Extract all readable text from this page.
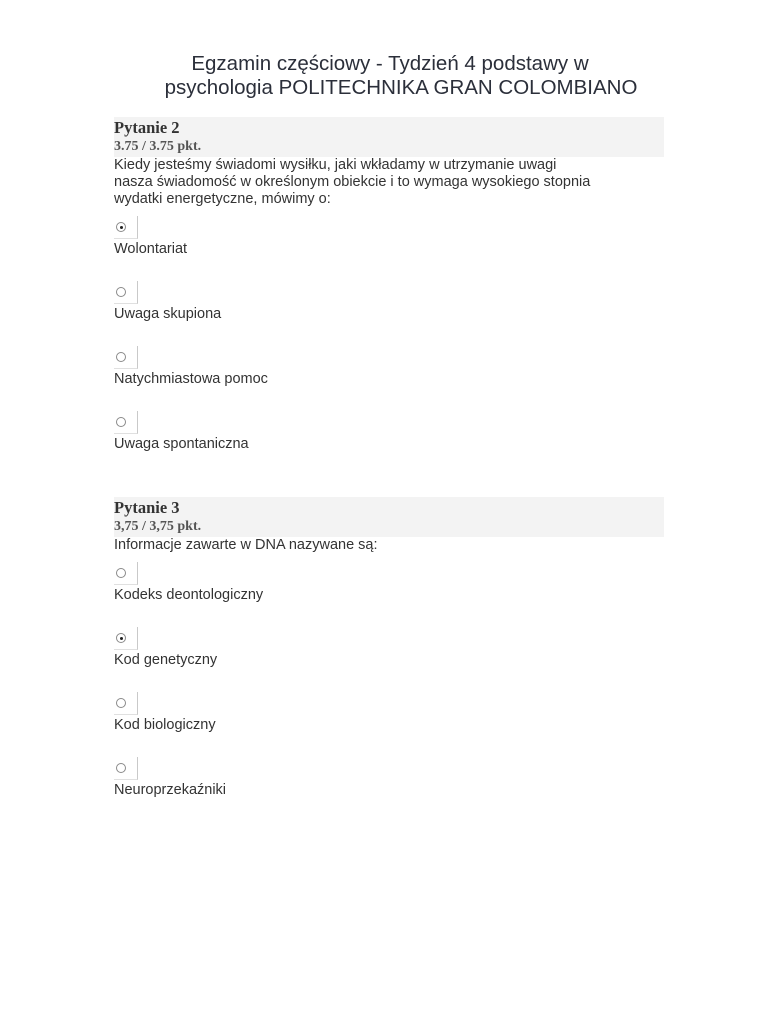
Egzamin częściowy - Tydzień 4 podstawy w
psychologia POLITECHNIKA GRAN COLOMBIANO
Pytanie 2
3.75 / 3.75 pkt.
Kiedy jesteśmy świadomi wysiłku, jaki wkładamy w utrzymanie uwagi
nasza świadomość w określonym obiekcie i to wymaga wysokiego stopnia
wydatki energetyczne, mówimy o:
Wolontariat
Uwaga skupiona
Natychmiastowa pomoc
Uwaga spontaniczna
Pytanie 3
3,75 / 3,75 pkt.
Informacje zawarte w DNA nazywane są:
Kodeks deontologiczny
Kod genetyczny
Kod biologiczny
Neuroprzekaźniki
